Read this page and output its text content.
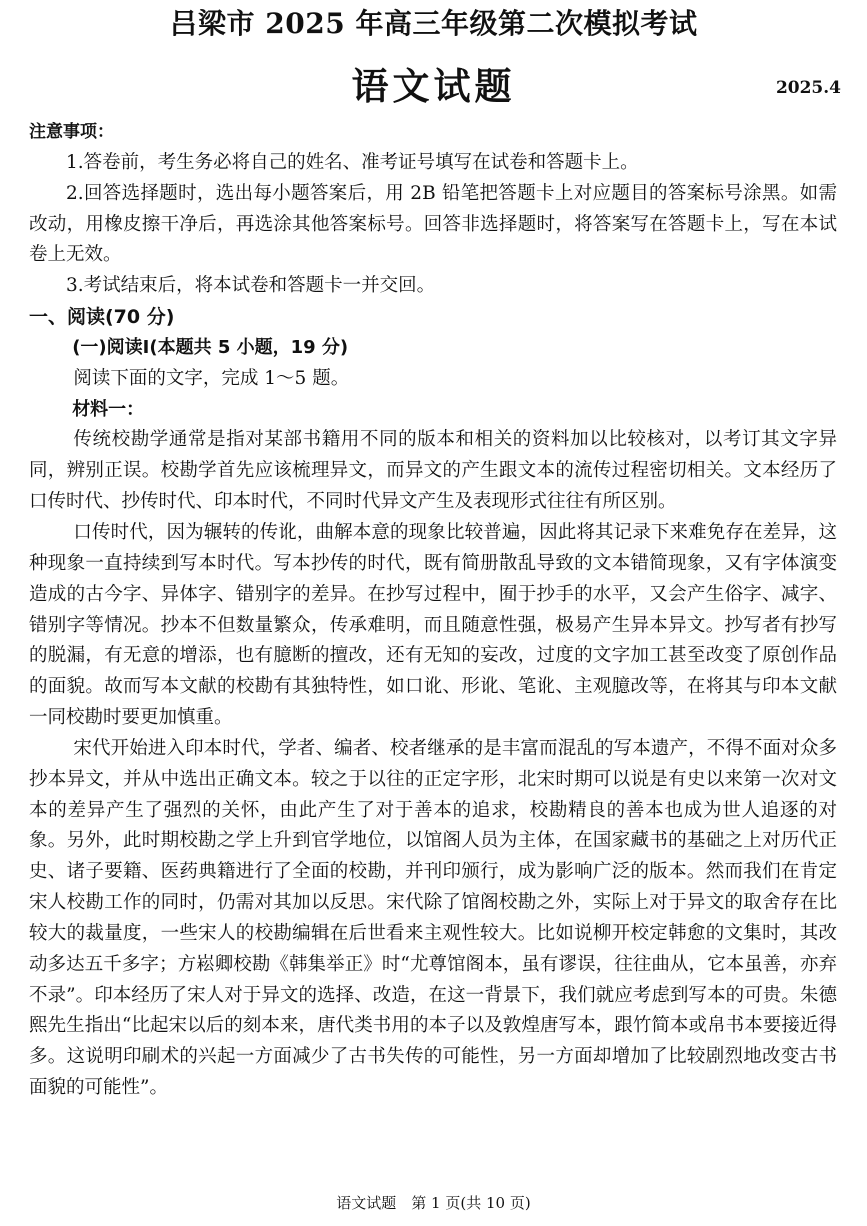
吕梁市 2025 年高三年级第二次模拟考试
语文试题	2025.4

注意事项：

1.答卷前，考生务必将自己的姓名、准考证号填写在试卷和答题卡上。

2.回答选择题时，选出每小题答案后，用 2B 铅笔把答题卡上对应题目的答案标号涂黑。如需改动，用橡皮擦干净后，再选涂其他答案标号。回答非选择题时，将答案写在答题卡上，写在本试卷上无效。

3.考试结束后，将本试卷和答题卡一并交回。

一、阅读(70 分)

(一)阅读Ⅰ(本题共 5 小题，19 分)

阅读下面的文字，完成 1～5 题。

材料一：

传统校勘学通常是指对某部书籍用不同的版本和相关的资料加以比较核对，以考订其文字异同，辨别正误。校勘学首先应该梳理异文，而异文的产生跟文本的流传过程密切相关。文本经历了口传时代、抄传时代、印本时代，不同时代异文产生及表现形式往往有所区别。

口传时代，因为辗转的传讹，曲解本意的现象比较普遍，因此将其记录下来难免存在差异，这种现象一直持续到写本时代。写本抄传的时代，既有简册散乱导致的文本错简现象，又有字体演变造成的古今字、异体字、错别字的差异。在抄写过程中，囿于抄手的水平，又会产生俗字、减字、错别字等情况。抄本不但数量繁众，传承难明，而且随意性强，极易产生异本异文。抄写者有抄写的脱漏，有无意的增添，也有臆断的擅改，还有无知的妄改，过度的文字加工甚至改变了原创作品的面貌。故而写本文献的校勘有其独特性，如口讹、形讹、笔讹、主观臆改等，在将其与印本文献一同校勘时要更加慎重。

宋代开始进入印本时代，学者、编者、校者继承的是丰富而混乱的写本遗产，不得不面对众多抄本异文，并从中选出正确文本。较之于以往的正定字形，北宋时期可以说是有史以来第一次对文本的差异产生了强烈的关怀，由此产生了对于善本的追求，校勘精良的善本也成为世人追逐的对象。另外，此时期校勘之学上升到官学地位，以馆阁人员为主体，在国家藏书的基础之上对历代正史、诸子要籍、医药典籍进行了全面的校勘，并刊印颁行，成为影响广泛的版本。然而我们在肯定宋人校勘工作的同时，仍需对其加以反思。宋代除了馆阁校勘之外，实际上对于异文的取舍存在比较大的裁量度，一些宋人的校勘编辑在后世看来主观性较大。比如说柳开校定韩愈的文集时，其改动多达五千多字；方崧卿校勘《韩集举正》时“尤尊馆阁本，虽有谬误，往往曲从，它本虽善，亦弃不录”。印本经历了宋人对于异文的选择、改造，在这一背景下，我们就应考虑到写本的可贵。朱德熙先生指出“比起宋以后的刻本来，唐代类书用的本子以及敦煌唐写本，跟竹简本或帛书本要接近得多。这说明印刷术的兴起一方面减少了古书失传的可能性，另一方面却增加了比较剧烈地改变古书面貌的可能性”。

语文试题　第 1 页(共 10 页)
